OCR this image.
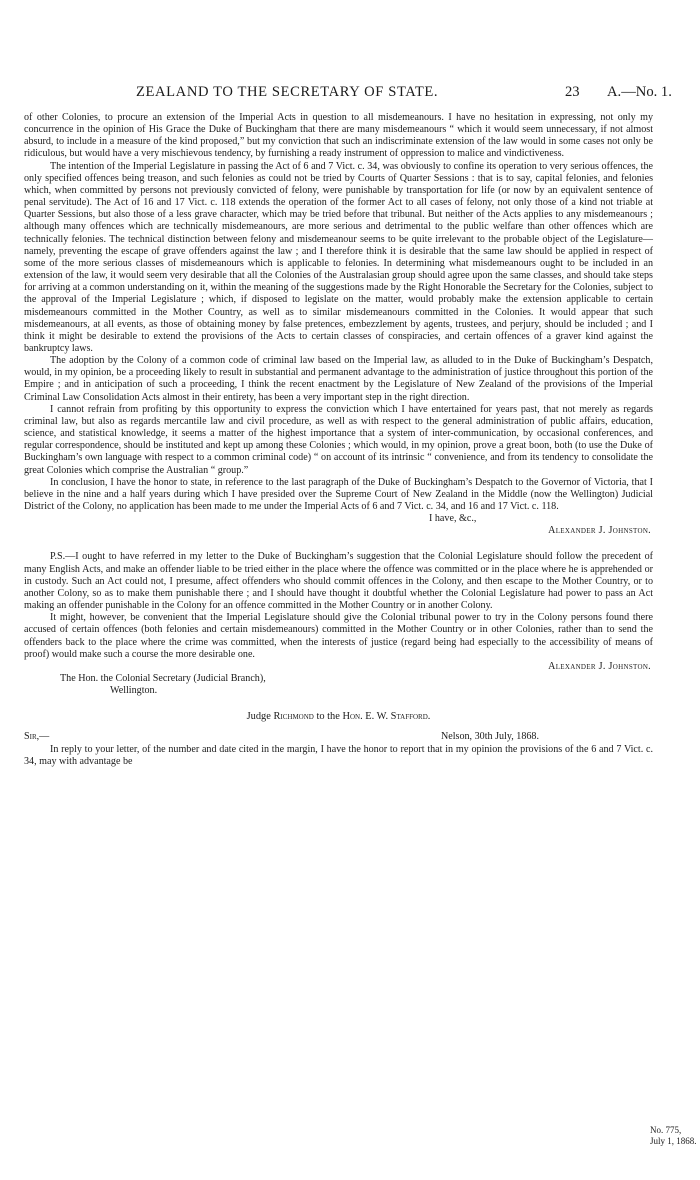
ZEALAND TO THE SECRETARY OF STATE.	23 A.—No. 1.

of other Colonies, to procure an extension of the Imperial Acts in question to all misdemeanours. I have no hesitation in expressing, not only my concurrence in the opinion of His Grace the Duke of Buckingham that there are many misdemeanours “ which it would seem unnecessary, if not almost absurd, to include in a measure of the kind proposed,” but my conviction that such an indiscriminate extension of the law would in some cases not only be ridiculous, but would have a very mischievous tendency, by furnishing a ready instrument of oppression to malice and vindictiveness.

The intention of the Imperial Legislature in passing the Act of 6 and 7 Vict. c. 34, was obviously to confine its operation to very serious offences, the only specified offences being treason, and such felonies as could not be tried by Courts of Quarter Sessions : that is to say, capital felonies, and felonies which, when committed by persons not previously convicted of felony, were punishable by transportation for life (or now by an equivalent sentence of penal servitude). The Act of 16 and 17 Vict. c. 118 extends the operation of the former Act to all cases of felony, not only those of a kind not triable at Quarter Sessions, but also those of a less grave character, which may be tried before that tribunal. But neither of the Acts applies to any misdemeanours ; although many offences which are technically misdemeanours, are more serious and detrimental to the public welfare than other offences which are technically felonies. The technical distinction between felony and misdemeanour seems to be quite irrelevant to the probable object of the Legislature—namely, preventing the escape of grave offenders against the law ; and I therefore think it is desirable that the same law should be applied in respect of some of the more serious classes of misdemeanours which is applicable to felonies. In determining what misdemeanours ought to be included in an extension of the law, it would seem very desirable that all the Colonies of the Australasian group should agree upon the same classes, and should take steps for arriving at a common understanding on it, within the meaning of the suggestions made by the Right Honorable the Secretary for the Colonies, subject to the approval of the Imperial Legislature ; which, if disposed to legislate on the matter, would probably make the extension applicable to certain misdemeanours committed in the Mother Country, as well as to similar misdemeanours committed in the Colonies. It would appear that such misdemeanours, at all events, as those of obtaining money by false pretences, embezzlement by agents, trustees, and perjury, should be included ; and I think it might be desirable to extend the provisions of the Acts to certain classes of conspiracies, and certain offences of a graver kind against the bankruptcy laws.

The adoption by the Colony of a common code of criminal law based on the Imperial law, as alluded to in the Duke of Buckingham’s Despatch, would, in my opinion, be a proceeding likely to result in substantial and permanent advantage to the administration of justice throughout this portion of the Empire ; and in anticipation of such a proceeding, I think the recent enactment by the Legislature of New Zealand of the provisions of the Imperial Criminal Law Consolidation Acts almost in their entirety, has been a very important step in the right direction.

I cannot refrain from profiting by this opportunity to express the conviction which I have entertained for years past, that not merely as regards criminal law, but also as regards mercantile law and civil procedure, as well as with respect to the general administration of public affairs, education, science, and statistical knowledge, it seems a matter of the highest importance that a system of inter-communication, by occasional conferences, and regular correspondence, should be instituted and kept up among these Colonies ; which would, in my opinion, prove a great boon, both (to use the Duke of Buckingham’s own language with respect to a common criminal code) “ on account of its intrinsic “ convenience, and from its tendency to consolidate the great Colonies which comprise the Australian “ group.”

In conclusion, I have the honor to state, in reference to the last paragraph of the Duke of Buckingham’s Despatch to the Governor of Victoria, that I believe in the nine and a half years during which I have presided over the Supreme Court of New Zealand in the Middle (now the Wellington) Judicial District of the Colony, no application has been made to me under the Imperial Acts of 6 and 7 Vict. c. 34, and 16 and 17 Vict. c. 118.

I have, &c.,

Alexander J. Johnston.

P.S.—I ought to have referred in my letter to the Duke of Buckingham’s suggestion that the Colonial Legislature should follow the precedent of many English Acts, and make an offender liable to be tried either in the place where the offence was committed or in the place where he is apprehended or in custody. Such an Act could not, I presume, affect offenders who should commit offences in the Colony, and then escape to the Mother Country, or to another Colony, so as to make them punishable there ; and I should have thought it doubtful whether the Colonial Legislature had power to pass an Act making an offender punishable in the Colony for an offence committed in the Mother Country or in another Colony.

It might, however, be convenient that the Imperial Legislature should give the Colonial tribunal power to try in the Colony persons found there accused of certain offences (both felonies and certain misdemeanours) committed in the Mother Country or in other Colonies, rather than to send the offenders back to the place where the crime was committed, when the interests of justice (regard being had especially to the accessibility of means of proof) would make such a course the more desirable one.

Alexander J. Johnston.

The Hon. the Colonial Secretary (Judicial Branch),

Wellington.

Judge Richmond to the Hon. E. W. Stafford.

Sir,—	Nelson, 30th July, 1868.

In reply to your letter, of the number and date cited in the margin, I have the honor to report that in my opinion the provisions of the 6 and 7 Vict. c. 34, may with advantage be

No. 775,
July 1, 1868.
